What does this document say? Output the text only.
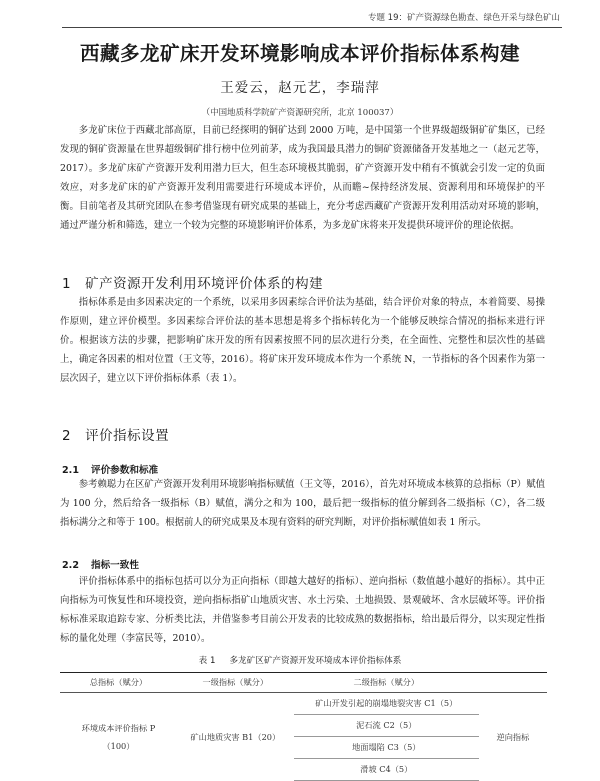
专题 19：矿产资源绿色勘查、绿色开采与绿色矿山
西藏多龙矿床开发环境影响成本评价指标体系构建
王爱云，赵元艺，李瑞萍
（中国地质科学院矿产资源研究所，北京 100037）

多龙矿床位于西藏北部高原，目前已经探明的铜矿达到 2000 万吨，是中国第一个世界级超级铜矿矿集区，已经发现的铜矿资源量在世界超级铜矿排行榜中位列前茅，成为我国最具潜力的铜矿资源储备开发基地之一（赵元艺等，2017）。多龙矿床矿产资源开发利用潜力巨大，但生态环境极其脆弱，矿产资源开发中稍有不慎就会引发一定的负面效应，对多龙矿床的矿产资源开发利用需要进行环境成本评价，从而瞻~保持经济发展、资源利用和环境保护的平衡。目前笔者及其研究团队在参考借鉴现有研究成果的基础上，充分考虑西藏矿产资源开发利用活动对环境的影响，通过严谨分析和筛选，建立一个较为完整的环境影响评价体系，为多龙矿床将来开发提供环境评价的理论依据。

1 矿产资源开发利用环境评价体系的构建

指标体系是由多因素决定的一个系统，以采用多因素综合评价法为基础，结合评价对象的特点，本着简要、易操作原则，建立评价模型。多因素综合评价法的基本思想是将多个指标转化为一个能够反映综合情况的指标来进行评价。根据该方法的步骤，把影响矿床开发的所有因素按照不同的层次进行分类，在全面性、完整性和层次性的基础上，确定各因素的相对位置（王文等，2016）。将矿床开发环境成本作为一个系统 N，一节指标的各个因素作为第一层次因子，建立以下评价指标体系（表 1）。

2 评价指标设置
2.1 评价参数和标准

参考赖聪力在区矿产资源开发利用环境影响指标赋值（王文等，2016），首先对环境成本核算的总指标（P）赋值为 100 分，然后给各一级指标（B）赋值，满分之和为 100，最后把一级指标的值分解到各二级指标（C），各二级指标满分之和等于 100。根据前人的研究成果及本现有资料的研究判断，对评价指标赋值如表 1 所示。

2.2 指标一致性

评价指标体系中的指标包括可以分为正向指标（即越大越好的指标）、逆向指标（数值越小越好的指标）。其中正向指标为可恢复性和环境投资，逆向指标指矿山地质灾害、水土污染、土地损毁、景观破坏、含水层破坏等。评价指标标准采取追踪专家、分析类比法，并借鉴参考目前公开发表的比较成熟的数据指标，给出最后得分，以实现定性指标的量化处理（李富民等，2010）。

表 1 多龙矿区矿产资源开发环境成本评价指标体系
总指标（赋分）	一级指标（赋分）	二级指标（赋分）	

环境成本评价指标 P
（100）	矿山地质灾害 B1（20）	矿山开发引起的崩塌地裂灾害 C1（5）	逆向指标
		泥石流 C2（5）	
		地面塌陷 C3（5）	
		滑坡 C4（5）	
